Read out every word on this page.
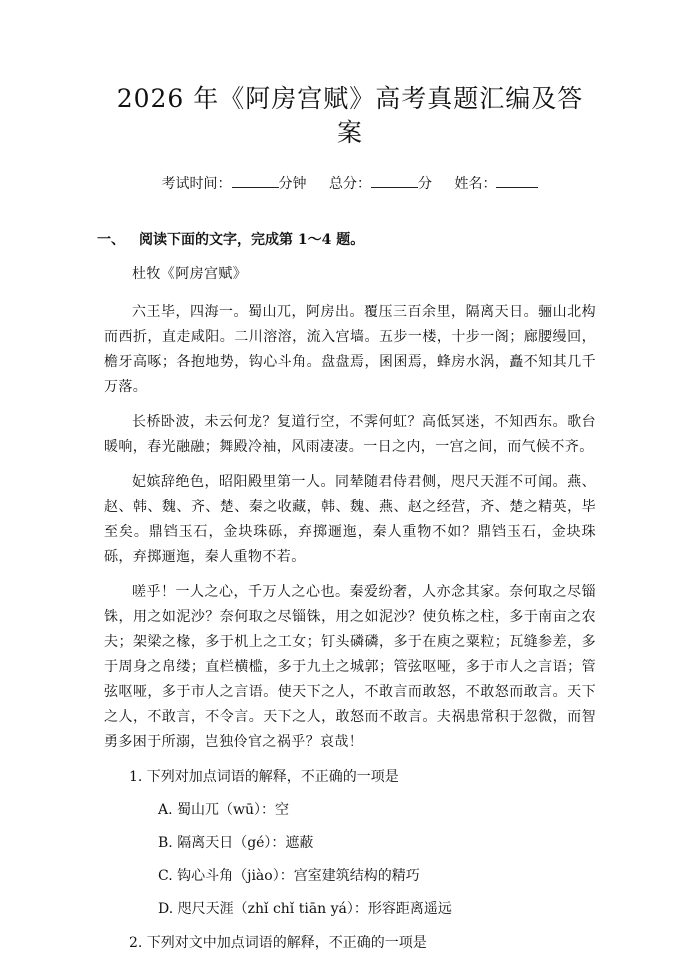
2026 年《阿房宫赋》高考真题汇编及答案
考试时间：	分钟 总分：	分 姓名：
一、 阅读下面的文字，完成第 1～4 题。

杜牧《阿房宫赋》

六王毕，四海一。蜀山兀，阿房出。覆压三百余里，隔离天日。骊山北构而西折，直走咸阳。二川溶溶，流入宫墙。五步一楼，十步一阁；廊腰缦回，檐牙高啄；各抱地势，钩心斗角。盘盘焉，囷囷焉，蜂房水涡，矗不知其几千万落。

长桥卧波，未云何龙？复道行空，不霁何虹？高低冥迷，不知西东。歌台暖响，春光融融；舞殿冷袖，风雨凄凄。一日之内，一宫之间，而气候不齐。

妃嫔辞绝色，昭阳殿里第一人。同辇随君侍君侧，咫尺天涯不可闻。燕、赵、韩、魏、齐、楚、秦之收藏，韩、魏、燕、赵之经营，齐、楚之精英，毕至矣。鼎铛玉石，金块珠砾，弃掷逦迤，秦人重物不如？鼎铛玉石，金块珠砾，弃掷逦迤，秦人重物不若。

嗟乎！一人之心，千万人之心也。秦爱纷奢，人亦念其家。奈何取之尽锱铢，用之如泥沙？奈何取之尽锱铢，用之如泥沙？使负栋之柱，多于南亩之农夫；架梁之椽，多于机上之工女；钉头磷磷，多于在庾之粟粒；瓦缝参差，多于周身之帛缕；直栏横槛，多于九土之城郭；管弦呕哑，多于市人之言语；管弦呕哑，多于市人之言语。使天下之人，不敢言而敢怒，不敢怒而敢言。天下之人，不敢言，不令言。天下之人，敢怒而不敢言。夫祸患常积于忽微，而智勇多困于所溺，岂独伶官之祸乎？哀哉！

1. 下列对加点词语的解释，不正确的一项是

A. 蜀山兀（wū）：空

B. 隔离天日（gé）：遮蔽

C. 钩心斗角（jiào）：宫室建筑结构的精巧

D. 咫尺天涯（zhǐ chǐ tiān yá）：形容距离遥远

2. 下列对文中加点词语的解释，不正确的一项是
